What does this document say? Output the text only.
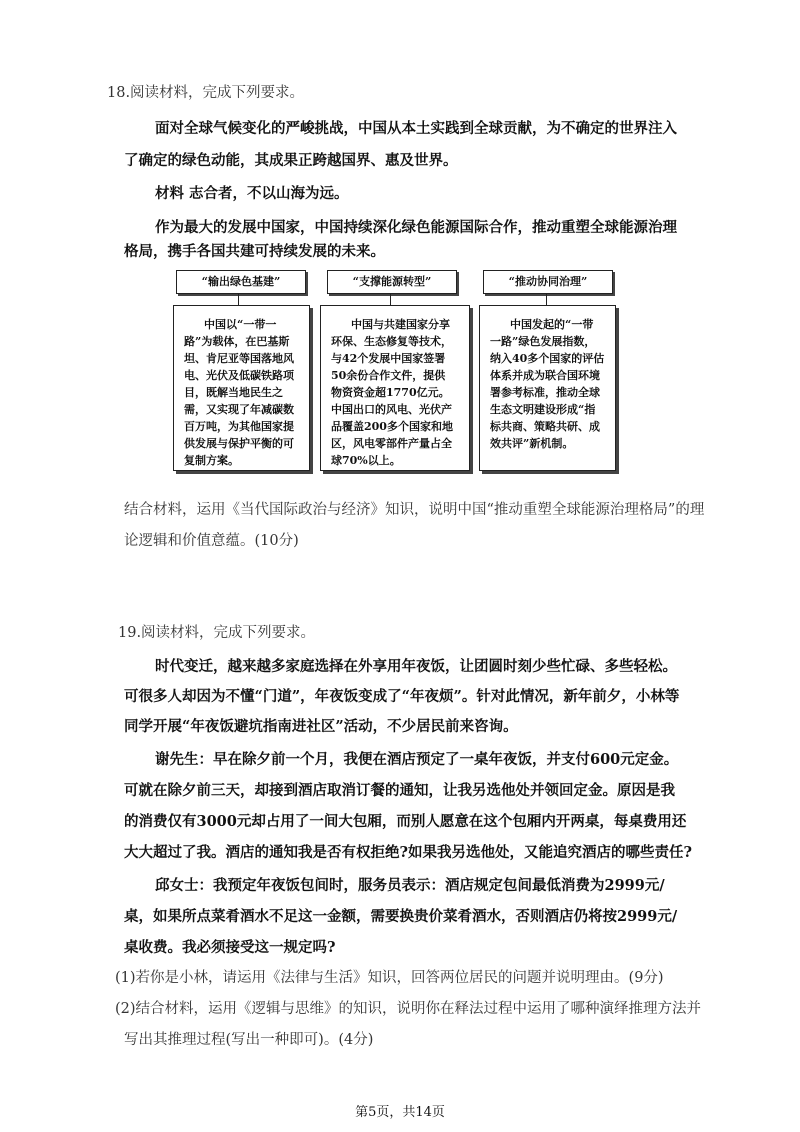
18.阅读材料，完成下列要求。
面对全球气候变化的严峻挑战，中国从本土实践到全球贡献，为不确定的世界注入
了确定的绿色动能，其成果正跨越国界、惠及世界。
材料 志合者，不以山海为远。
作为最大的发展中国家，中国持续深化绿色能源国际合作，推动重塑全球能源治理
格局，携手各国共建可持续发展的未来。
“输出绿色基建”
中国以“一带一
路”为载体，在巴基斯
坦、肯尼亚等国落地风
电、光伏及低碳铁路项
目，既解当地民生之
需，又实现了年减碳数
百万吨，为其他国家提
供发展与保护平衡的可
复制方案。
“支撑能源转型”
中国与共建国家分享
环保、生态修复等技术，
与42个发展中国家签署
50余份合作文件，提供
物资资金超1770亿元。
中国出口的风电、光伏产
品覆盖200多个国家和地
区，风电零部件产量占全
球70%以上。
“推动协同治理”
中国发起的“一带
一路”绿色发展指数，
纳入40多个国家的评估
体系并成为联合国环境
署参考标准，推动全球
生态文明建设形成“指
标共商、策略共研、成
效共评”新机制。
结合材料，运用《当代国际政治与经济》知识，说明中国“推动重塑全球能源治理格局”的理
论逻辑和价值意蕴。(10分)
19.阅读材料，完成下列要求。
时代变迁，越来越多家庭选择在外享用年夜饭，让团圆时刻少些忙碌、多些轻松。
可很多人却因为不懂“门道”，年夜饭变成了“年夜烦”。针对此情况，新年前夕，小林等
同学开展“年夜饭避坑指南进社区”活动，不少居民前来咨询。
谢先生：早在除夕前一个月，我便在酒店预定了一桌年夜饭，并支付600元定金。
可就在除夕前三天，却接到酒店取消订餐的通知，让我另选他处并领回定金。原因是我
的消费仅有3000元却占用了一间大包厢，而别人愿意在这个包厢内开两桌，每桌费用还
大大超过了我。酒店的通知我是否有权拒绝?如果我另选他处，又能追究酒店的哪些责任?
邱女士：我预定年夜饭包间时，服务员表示：酒店规定包间最低消费为2999元/
桌，如果所点菜肴酒水不足这一金额，需要换贵价菜肴酒水，否则酒店仍将按2999元/
桌收费。我必须接受这一规定吗?
(1)若你是小林，请运用《法律与生活》知识，回答两位居民的问题并说明理由。(9分)
(2)结合材料，运用《逻辑与思维》的知识，说明你在释法过程中运用了哪种演绎推理方法并
写出其推理过程(写出一种即可)。(4分)
第5页，共14页
